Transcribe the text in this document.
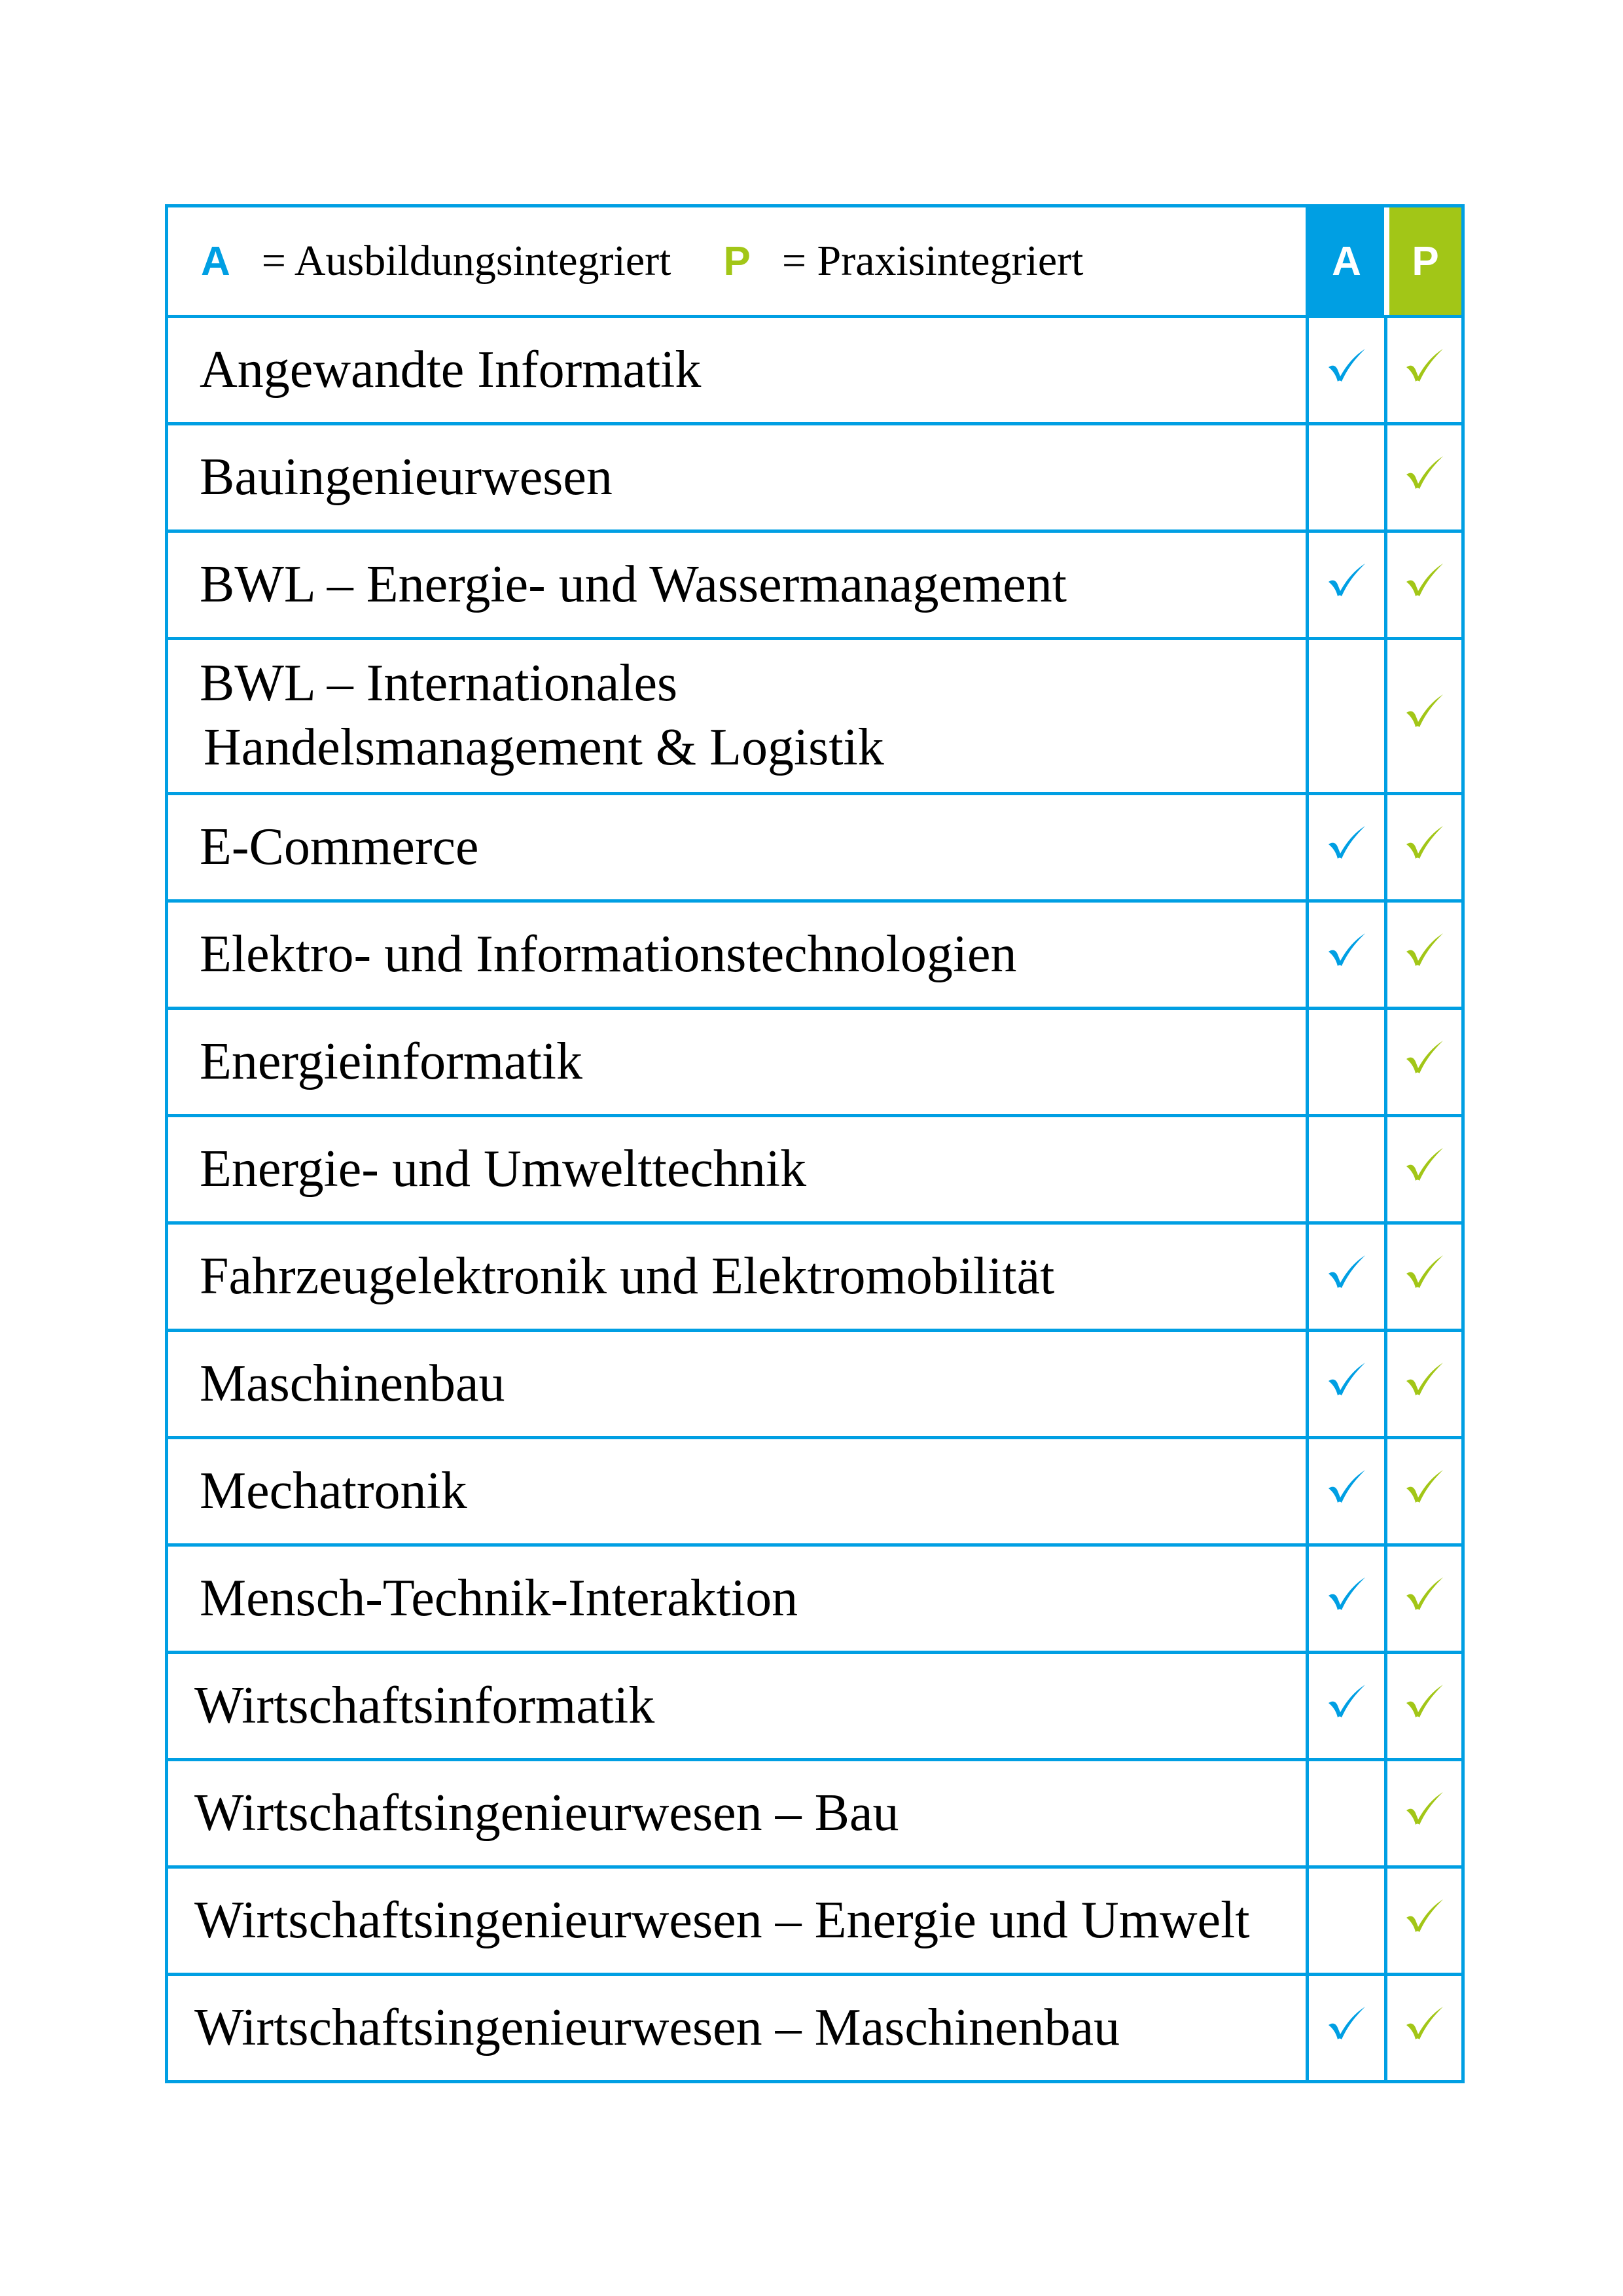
A = Ausbildungsintegriert P = Praxisintegriert	A	P
Angewandte Informatik
Bauingenieurwesen
BWL – Energie- und Wassermanagement
BWL – Internationales
Handelsmanagement & Logistik
E-Commerce
Elektro- und Informationstechnologien
Energieinformatik
Energie- und Umwelttechnik
Fahrzeugelektronik und Elektromobilität
Maschinenbau
Mechatronik
Mensch-Technik-Interaktion
Wirtschaftsinformatik
Wirtschaftsingenieurwesen – Bau
Wirtschaftsingenieurwesen – Energie und Umwelt
Wirtschaftsingenieurwesen – Maschinenbau
